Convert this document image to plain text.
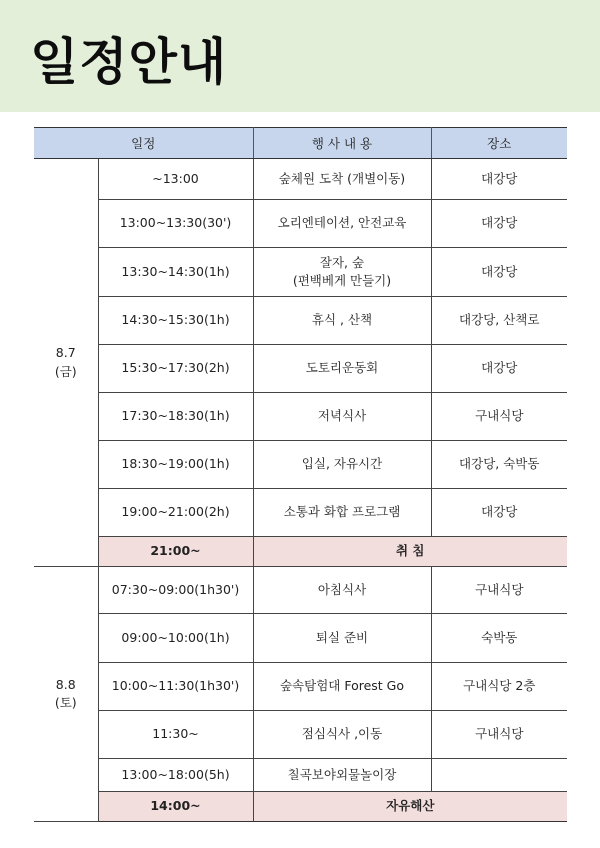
일정안내
일정		행 사 내 용	장소

8.7
(금)	~13:00	숲체원 도착 (개별이동)	대강당
	13:00~13:30(30')	오리엔테이션, 안전교육	대강당
	13:30~14:30(1h)	잘자, 숲
(편백베게 만들기)	대강당
	14:30~15:30(1h)	휴식 , 산책	대강당, 산책로
	15:30~17:30(2h)	도토리운동회	대강당
	17:30~18:30(1h)	저녁식사	구내식당
	18:30~19:00(1h)	입실, 자유시간	대강당, 숙박동
	19:00~21:00(2h)	소통과 화합 프로그램	대강당
	21:00~	취 침	

8.8
(토)	07:30~09:00(1h30')	아침식사	구내식당
	09:00~10:00(1h)	퇴실 준비	숙박동
	10:00~11:30(1h30')	숲속탐험대 Forest Go	구내식당 2층
	11:30~	점심식사 ,이동	구내식당
	13:00~18:00(5h)	칠곡보야외물놀이장	
	14:00~	자유해산	
